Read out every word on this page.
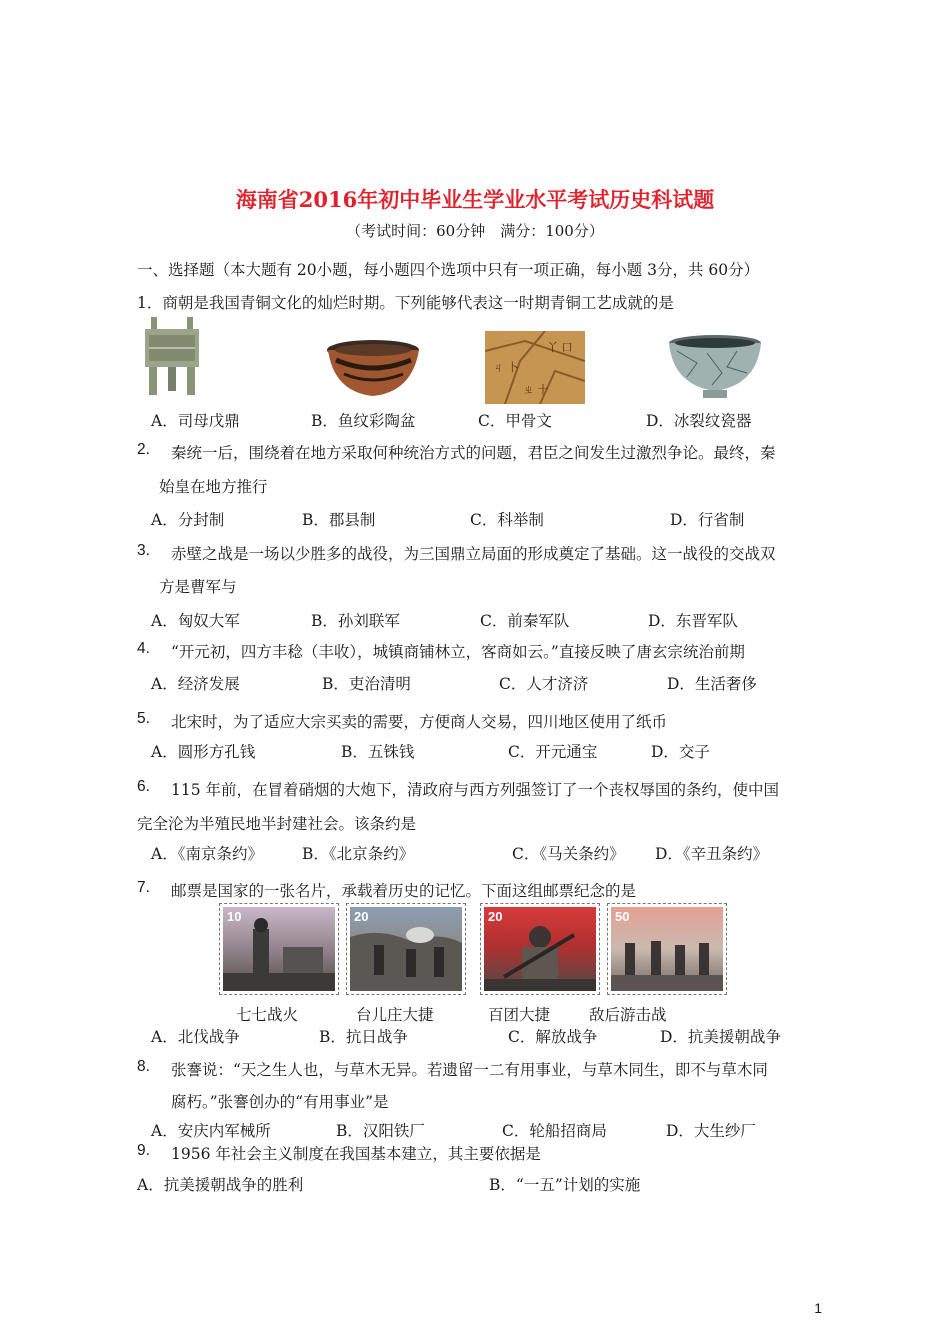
海南省2016年初中毕业生学业水平考试历史科试题
（考试时间：60分钟　满分：100分）
一、选择题（本大题有 20小题，每小题四个选项中只有一项正确，每小题 3分，共 60分）
1．商朝是我国青铜文化的灿烂时期。下列能够代表这一时期青铜工艺成就的是
ㄐ 卜
丫 口
ㄓ 十
A．司母戊鼎	B．鱼纹彩陶盆	C．甲骨文	D．冰裂纹瓷器
2. 秦统一后，围绕着在地方采取何种统治方式的问题，君臣之间发生过激烈争论。最终，秦
始皇在地方推行
A．分封制	B．郡县制	C．科举制	D．行省制
3. 赤壁之战是一场以少胜多的战役，为三国鼎立局面的形成奠定了基础。这一战役的交战双
方是曹军与
A．匈奴大军	B．孙刘联军	C．前秦军队	D．东晋军队
4. “开元初，四方丰稔（丰收），城镇商铺林立，客商如云。”直接反映了唐玄宗统治前期
A．经济发展	B．吏治清明	C．人才济济	D．生活奢侈
5. 北宋时，为了适应大宗买卖的需要，方便商人交易，四川地区使用了纸币
A．圆形方孔钱	B．五铢钱	C．开元通宝	D．交子
6. 115 年前，在冒着硝烟的大炮下，清政府与西方列强签订了一个丧权辱国的条约，使中国
完全沦为半殖民地半封建社会。该条约是
A．《南京条约》	B．《北京条约》	C．《马关条约》 D．《辛丑条约》
7. 邮票是国家的一张名片，承载着历史的记忆。下面这组邮票纪念的是
10	20	20	50
七七战火	台儿庄大捷	百团大捷	敌后游击战
A．北伐战争	B．抗日战争	C．解放战争	D．抗美援朝战争
8. 张謇说：“天之生人也，与草木无异。若遗留一二有用事业，与草木同生，即不与草木同
腐朽。”张謇创办的“有用事业”是
A．安庆内军械所	B．汉阳铁厂	C．轮船招商局	D．大生纱厂
9. 1956 年社会主义制度在我国基本建立，其主要依据是
A．抗美援朝战争的胜利	B．“一五”计划的实施
1
